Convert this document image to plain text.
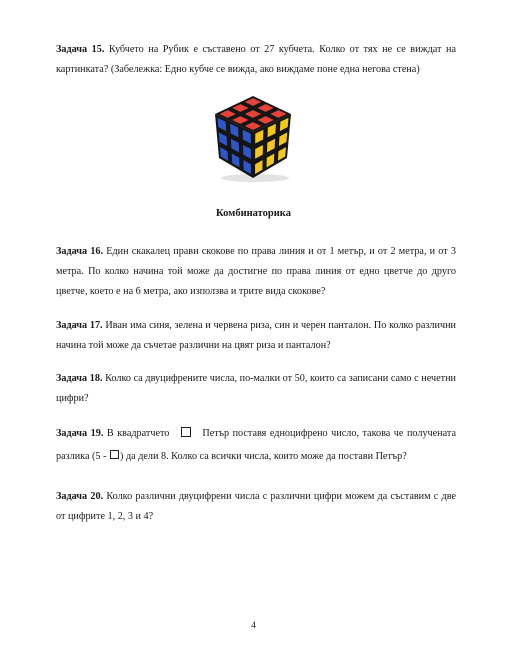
Задача 15. Кубчето на Рубик е съставено от 27 кубчета. Колко от тях не се виждат на картинката? (Забележка: Едно кубче се вижда, ако виждаме поне една негова стена)

Комбинаторика

Задача 16. Един скакалец прави скокове по права линия и от 1 метър, и от 2 метра, и от 3 метра. По колко начина той може да достигне по права линия от едно цветче до друго цветче, което е на 6 метра, ако използва и трите вида скокове?

Задача 17. Иван има синя, зелена и червена риза, син и черен панталон. По колко различни начина той може да съчетае различни на цвят риза и панталон?

Задача 18. Колко са двуцифрените числа, по-малки от 50, които са записани само с нечетни цифри?

Задача 19. В квадратчето	Петър поставя едноцифрено число, такова че получената разлика (5 - ) да дели 8. Колко са всички числа, които може да постави Петър?

Задача 20. Колко различни двуцифрени числа с различни цифри можем да съставим с две от цифрите 1, 2, 3 и 4?

4
